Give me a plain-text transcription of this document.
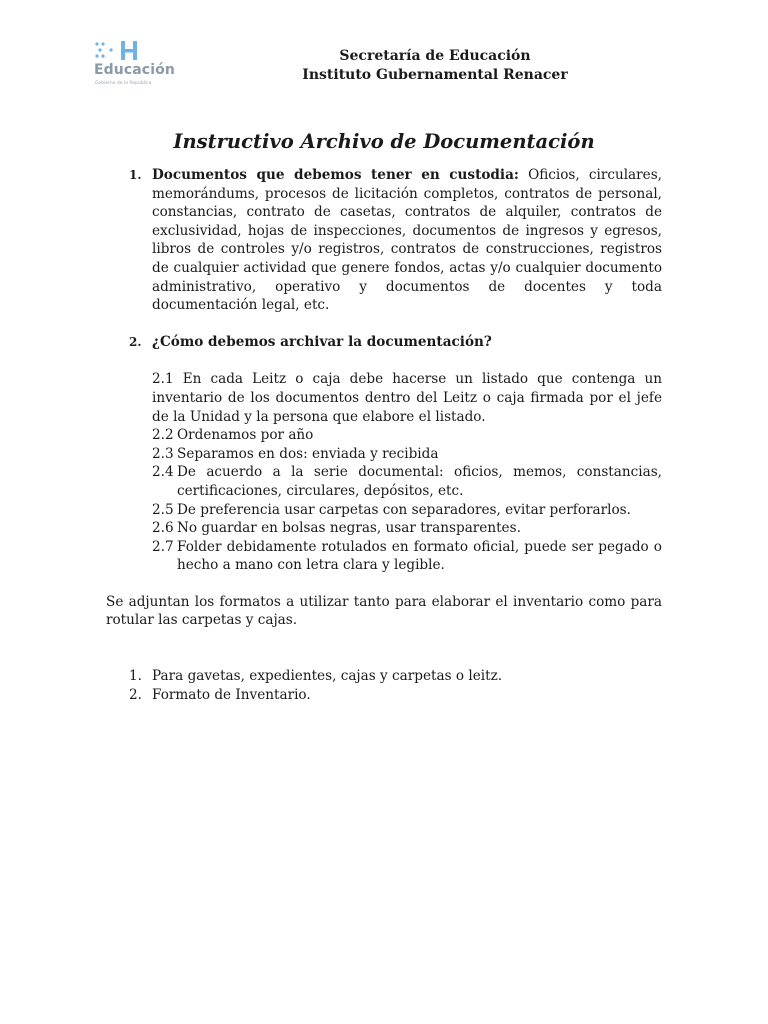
Educación
Gobierno de la República
Secretaría de Educación
Instituto Gubernamental Renacer
Instructivo Archivo de Documentación
1. Documentos que debemos tener en custodia: Oficios, circulares, memorándums, procesos de licitación completos, contratos de personal, constancias, contrato de casetas, contratos de alquiler, contratos de exclusividad, hojas de inspecciones, documentos de ingresos y egresos, libros de controles y/o registros, contratos de construcciones, registros de cualquier actividad que genere fondos, actas y/o cualquier documento administrativo, operativo y documentos de docentes y toda documentación legal, etc.
2. ¿Cómo debemos archivar la documentación?
2.1 En cada Leitz o caja debe hacerse un listado que contenga un inventario de los documentos dentro del Leitz o caja firmada por el jefe de la Unidad y la persona que elabore el listado.
2.2 Ordenamos por año
2.3 Separamos en dos: enviada y recibida
2.4 De acuerdo a la serie documental: oficios, memos, constancias, certificaciones, circulares, depósitos, etc.
2.5 De preferencia usar carpetas con separadores, evitar perforarlos.
2.6 No guardar en bolsas negras, usar transparentes.
2.7 Folder debidamente rotulados en formato oficial, puede ser pegado o hecho a mano con letra clara y legible.
Se adjuntan los formatos a utilizar tanto para elaborar el inventario como para rotular las carpetas y cajas.
1. Para gavetas, expedientes, cajas y carpetas o leitz.
2. Formato de Inventario.
